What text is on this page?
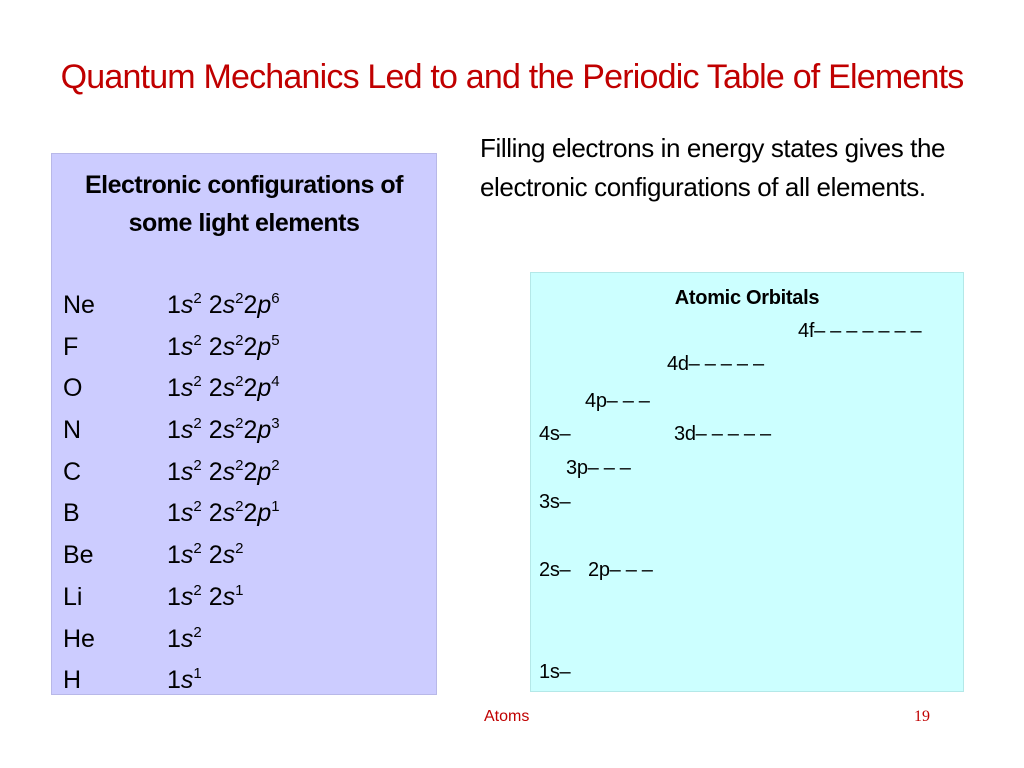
Quantum Mechanics Led to and the Periodic Table of Elements
Electronic configurations of some light elements
Ne	$1s^2$ $2s^22p^6$
F	$1s^2$ $2s^22p^5$
O	$1s^2$ $2s^22p^4$
N	$1s^2$ $2s^22p^3$
C	$1s^2$ $2s^22p^2$
B	$1s^2$ $2s^22p^1$
Be	$1s^2$ $2s^2$
Li	$1s^2$ $2s^1$
He	$1s^2$
H	$1s^1$
Filling electrons in energy states gives the electronic configurations of all elements.
Atomic Orbitals
4f– – – – – – –
4d– – – – –
4p– – –
4s–	3d– – – – –
3p– – –
3s–
2s– 2p– – –
1s–
Atoms	19
